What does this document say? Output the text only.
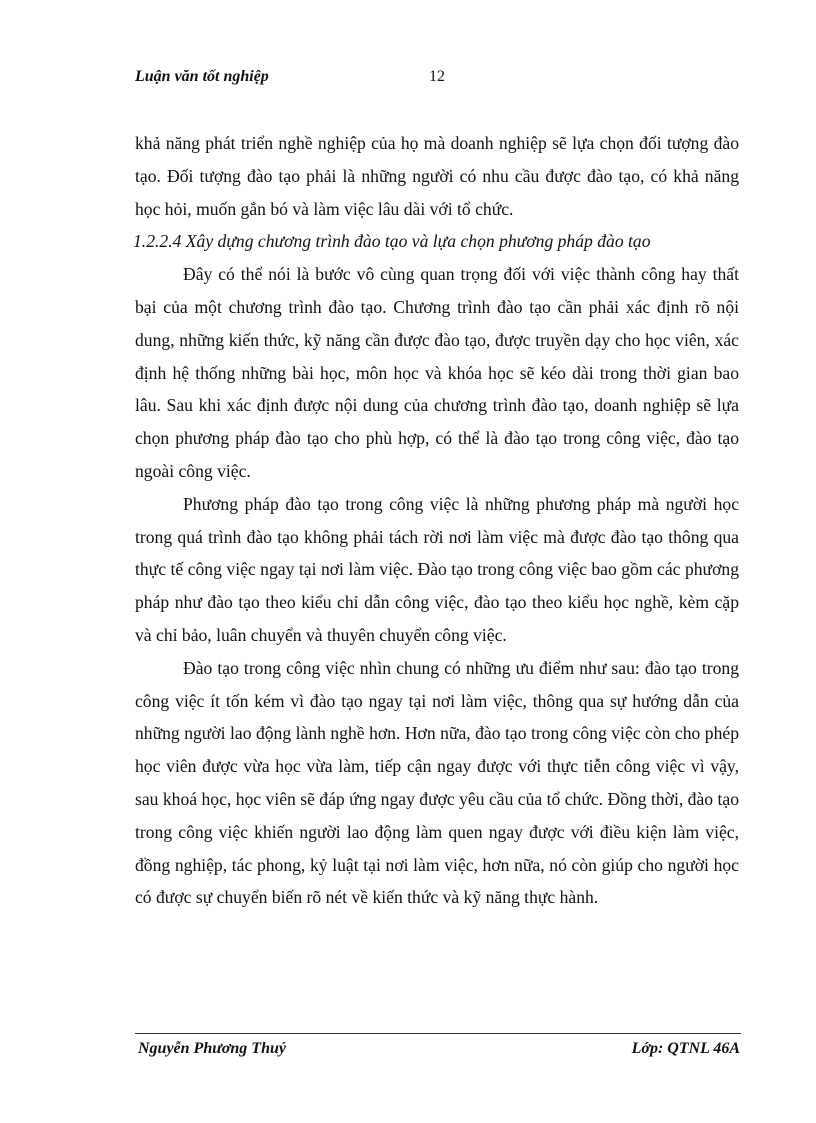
Luận văn tốt nghiệp	12

khả năng phát triển nghề nghiệp của họ mà doanh nghiệp sẽ lựa chọn đối tượng đào tạo. Đối tượng đào tạo phải là những người có nhu cầu được đào tạo, có khả năng học hỏi, muốn gắn bó và làm việc lâu dài với tổ chức.

1.2.2.4 Xây dựng chương trình đào tạo và lựa chọn phương pháp đào tạo

Đây có thể nói là bước vô cùng quan trọng đối với việc thành công hay thất bại của một chương trình đào tạo. Chương trình đào tạo cần phải xác định rõ nội dung, những kiến thức, kỹ năng cần được đào tạo, được truyền dạy cho học viên, xác định hệ thống những bài học, môn học và khóa học sẽ kéo dài trong thời gian bao lâu. Sau khi xác định được nội dung của chương trình đào tạo, doanh nghiệp sẽ lựa chọn phương pháp đào tạo cho phù hợp, có thể là đào tạo trong công việc, đào tạo ngoài công việc.

Phương pháp đào tạo trong công việc là những phương pháp mà người học trong quá trình đào tạo không phải tách rời nơi làm việc mà được đào tạo thông qua thực tế công việc ngay tại nơi làm việc. Đào tạo trong công việc bao gồm các phương pháp như đào tạo theo kiểu chỉ dẫn công việc, đào tạo theo kiểu học nghề, kèm cặp và chỉ bảo, luân chuyển và thuyên chuyển công việc.

Đào tạo trong công việc nhìn chung có những ưu điểm như sau: đào tạo trong công việc ít tốn kém vì đào tạo ngay tại nơi làm việc, thông qua sự hướng dẫn của những người lao động lành nghề hơn. Hơn nữa, đào tạo trong công việc còn cho phép học viên được vừa học vừa làm, tiếp cận ngay được với thực tiễn công việc vì vậy, sau khoá học, học viên sẽ đáp ứng ngay được yêu cầu của tổ chức. Đồng thời, đào tạo trong công việc khiến người lao động làm quen ngay được với điều kiện làm việc, đồng nghiệp, tác phong, kỷ luật tại nơi làm việc, hơn nữa, nó còn giúp cho người học có được sự chuyển biến rõ nét về kiến thức và kỹ năng thực hành.

Nguyễn Phương Thuý	Lớp: QTNL 46A
